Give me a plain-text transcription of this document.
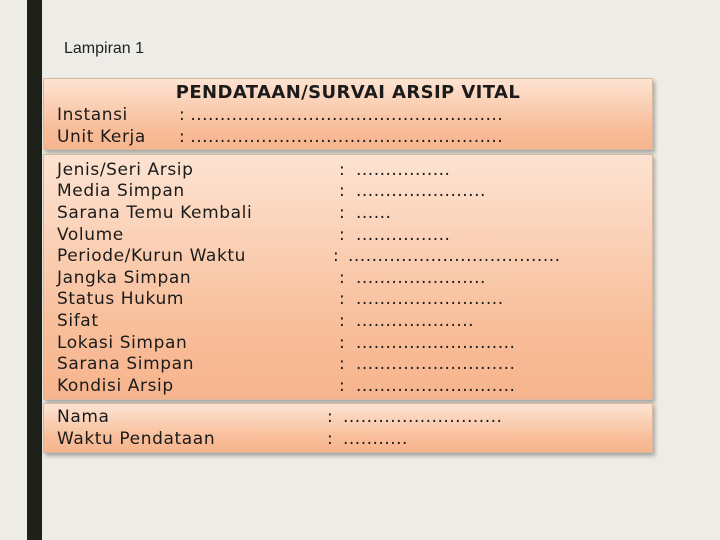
Lampiran 1
PENDATAAN/SURVAI ARSIP VITAL
Instansi	: .....................................................
Unit Kerja : .....................................................
Jenis/Seri Arsip	: ................
Media Simpan	: ......................
Sarana Temu Kembali	: ......
Volume	: ................
Periode/Kurun Waktu	: ....................................
Jangka Simpan	: ......................
Status Hukum	: .........................
Sifat	: ....................
Lokasi Simpan	: ...........................
Sarana Simpan	: ...........................
Kondisi Arsip	: ...........................
Nama	: ...........................
Waktu Pendataan	: ...........
